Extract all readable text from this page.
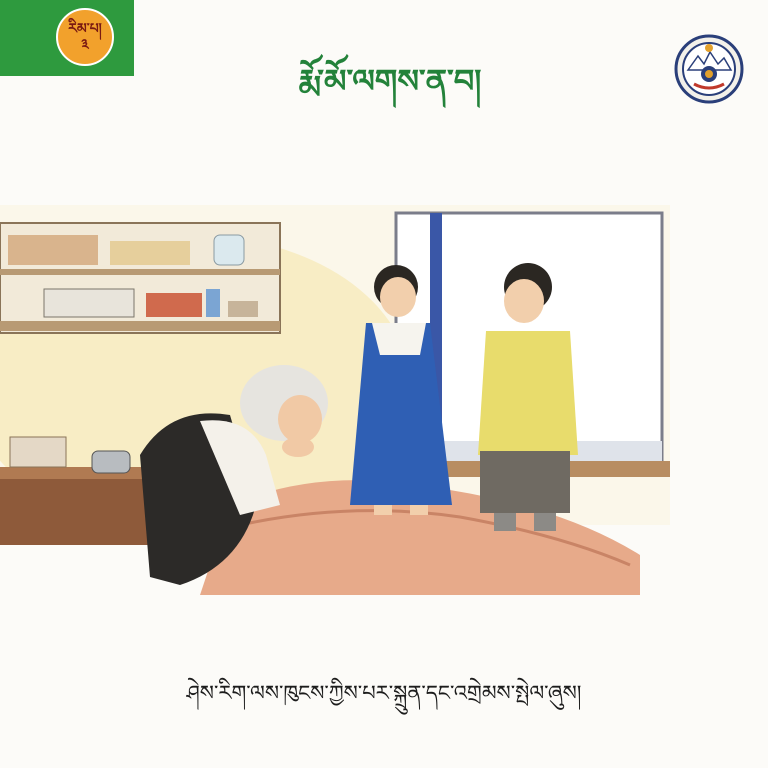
རིམ་པ།
༣
རྨོ་མོ་ལགས་ན་བ།
ཤེས་རིག་ལས་ཁུངས་ཀྱིས་པར་སྐྲུན་དང་འགྲེམས་སྤེལ་ཞུས།
